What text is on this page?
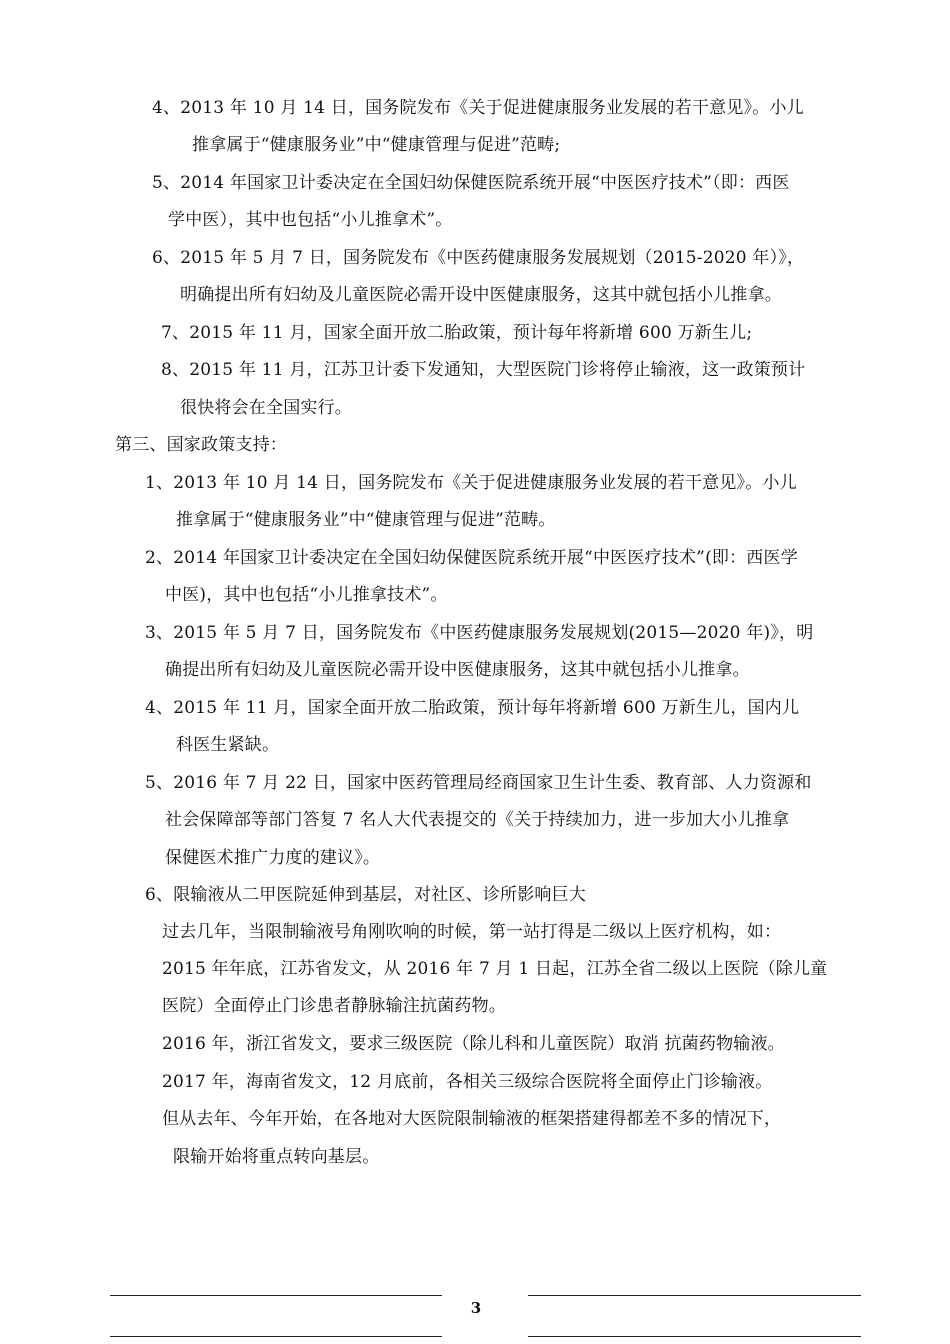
4、2013 年 10 月 14 日，国务院发布《关于促进健康服务业发展的若干意见》。小儿
推拿属于“健康服务业”中“健康管理与促进”范畴;
5、2014 年国家卫计委决定在全国妇幼保健医院系统开展“中医医疗技术”（即：西医
学中医），其中也包括“小儿推拿术”。
6、2015 年 5 月 7 日，国务院发布《中医药健康服务发展规划（2015-2020 年）》，
明确提出所有妇幼及儿童医院必需开设中医健康服务，这其中就包括小儿推拿。
7、2015 年 11 月，国家全面开放二胎政策，预计每年将新增 600 万新生儿;
8、2015 年 11 月，江苏卫计委下发通知，大型医院门诊将停止输液，这一政策预计
很快将会在全国实行。
第三、国家政策支持：
1、2013 年 10 月 14 日，国务院发布《关于促进健康服务业发展的若干意见》。小儿
推拿属于“健康服务业”中“健康管理与促进”范畴。
2、2014 年国家卫计委决定在全国妇幼保健医院系统开展“中医医疗技术”(即：西医学
中医)，其中也包括“小儿推拿技术”。
3、2015 年 5 月 7 日，国务院发布《中医药健康服务发展规划(2015—2020 年)》，明
确提出所有妇幼及儿童医院必需开设中医健康服务，这其中就包括小儿推拿。
4、2015 年 11 月，国家全面开放二胎政策，预计每年将新增 600 万新生儿，国内儿
科医生紧缺。
5、2016 年 7 月 22 日，国家中医药管理局经商国家卫生计生委、教育部、人力资源和
社会保障部等部门答复 7 名人大代表提交的《关于持续加力，进一步加大小儿推拿
保健医术推广力度的建议》。
6、限输液从二甲医院延伸到基层，对社区、诊所影响巨大
过去几年，当限制输液号角刚吹响的时候，第一站打得是二级以上医疗机构，如：
2015 年年底，江苏省发文，从 2016 年 7 月 1 日起，江苏全省二级以上医院（除儿童
医院）全面停止门诊患者静脉输注抗菌药物。
2016 年，浙江省发文，要求三级医院（除儿科和儿童医院）取消 抗菌药物输液。
2017 年，海南省发文，12 月底前，各相关三级综合医院将全面停止门诊输液。
但从去年、今年开始，在各地对大医院限制输液的框架搭建得都差不多的情况下，
限输开始将重点转向基层。
3
